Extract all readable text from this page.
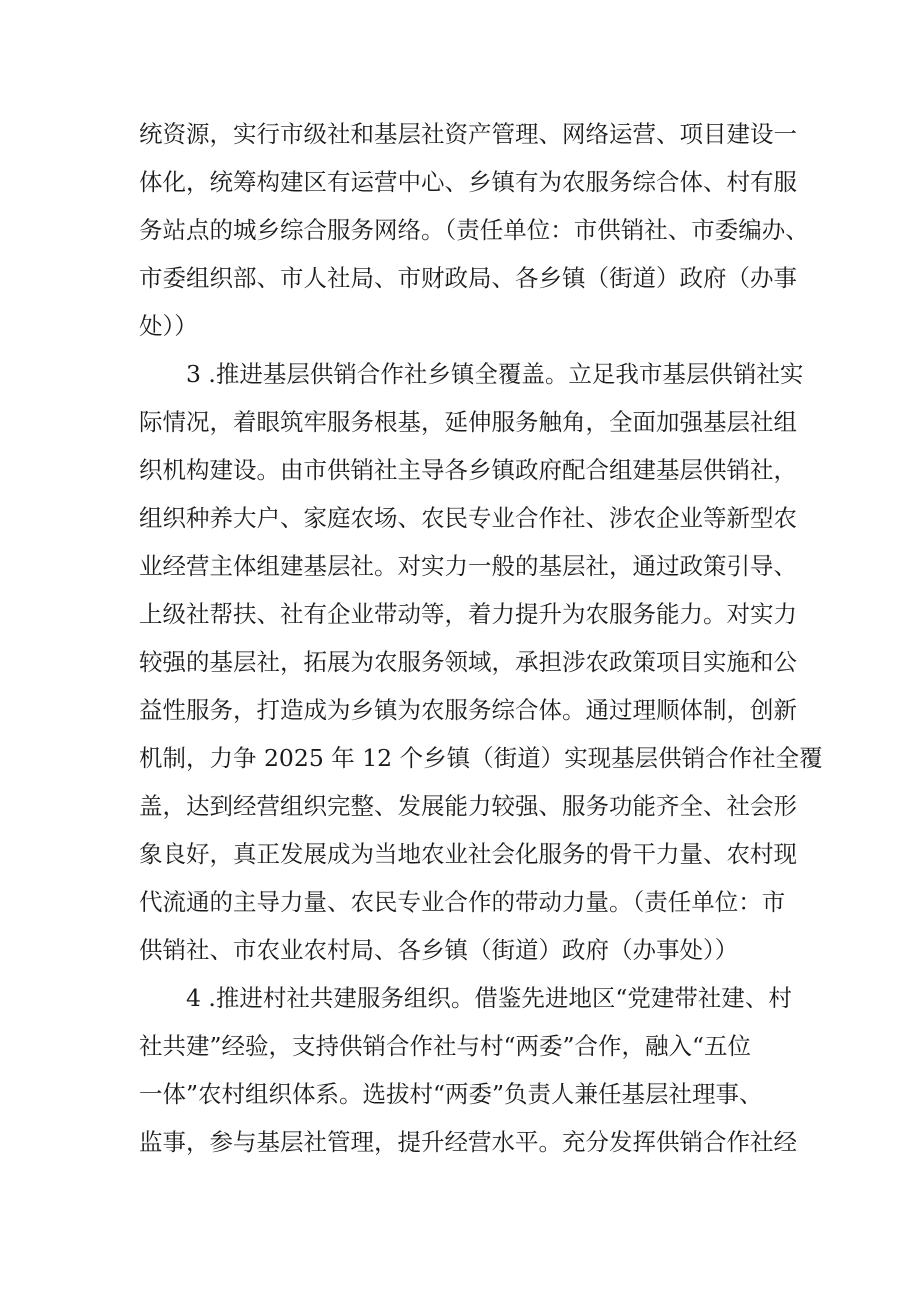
统资源，实行市级社和基层社资产管理、网络运营、项目建设一
体化，统筹构建区有运营中心、乡镇有为农服务综合体、村有服
务站点的城乡综合服务网络。（责任单位：市供销社、市委编办、
市委组织部、市人社局、市财政局、各乡镇（街道）政府（办事
处））
3 .推进基层供销合作社乡镇全覆盖。立足我市基层供销社实
际情况，着眼筑牢服务根基，延伸服务触角，全面加强基层社组
织机构建设。由市供销社主导各乡镇政府配合组建基层供销社，
组织种养大户、家庭农场、农民专业合作社、涉农企业等新型农
业经营主体组建基层社。对实力一般的基层社，通过政策引导、
上级社帮扶、社有企业带动等，着力提升为农服务能力。对实力
较强的基层社，拓展为农服务领域，承担涉农政策项目实施和公
益性服务，打造成为乡镇为农服务综合体。通过理顺体制，创新
机制，力争 2025 年 12 个乡镇（街道）实现基层供销合作社全覆
盖，达到经营组织完整、发展能力较强、服务功能齐全、社会形
象良好，真正发展成为当地农业社会化服务的骨干力量、农村现
代流通的主导力量、农民专业合作的带动力量。（责任单位：市
供销社、市农业农村局、各乡镇（街道）政府（办事处））
4 .推进村社共建服务组织。借鉴先进地区“党建带社建、村
社共建”经验，支持供销合作社与村“两委”合作，融入“五位
一体”农村组织体系。选拔村“两委”负责人兼任基层社理事、
监事，参与基层社管理，提升经营水平。充分发挥供销合作社经
